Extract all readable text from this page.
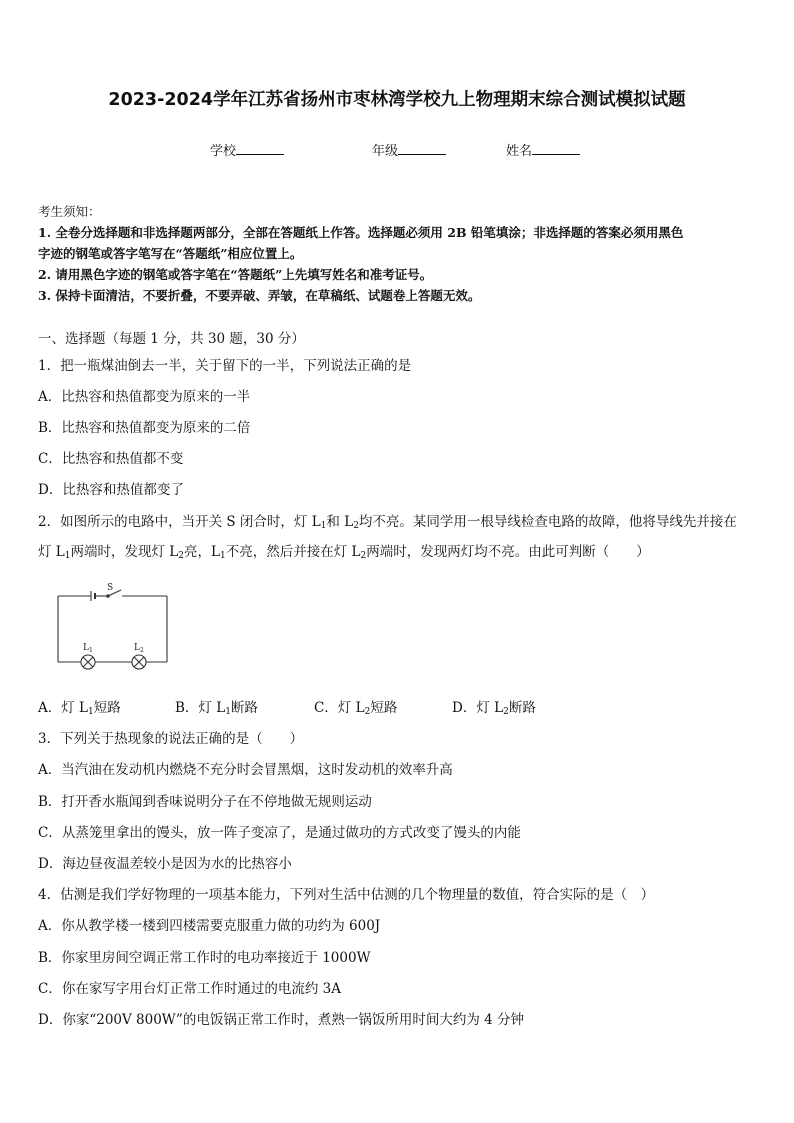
2023-2024学年江苏省扬州市枣林湾学校九上物理期末综合测试模拟试题
学校	年级	姓名
考生须知：
1. 全卷分选择题和非选择题两部分，全部在答题纸上作答。选择题必须用 2B 铅笔填涂；非选择题的答案必须用黑色
字迹的钢笔或答字笔写在“答题纸”相应位置上。
2. 请用黑色字迹的钢笔或答字笔在“答题纸”上先填写姓名和准考证号。
3. 保持卡面清洁，不要折叠，不要弄破、弄皱，在草稿纸、试题卷上答题无效。
一、选择题（每题 1 分，共 30 题，30 分）
1．把一瓶煤油倒去一半，关于留下的一半，下列说法正确的是
A．比热容和热值都变为原来的一半
B．比热容和热值都变为原来的二倍
C．比热容和热值都不变
D．比热容和热值都变了
2．如图所示的电路中，当开关 S 闭合时，灯 $L_1$和 $L_2$均不亮。某同学用一根导线检查电路的故障，他将导线先并接在
灯 $L_1$两端时，发现灯 $L_2$亮，$L_1$不亮，然后并接在灯 $L_2$两端时，发现两灯均不亮。由此可判断（　　）
S
$L_1$	$L_2$
A．灯 $L_1$短路	B．灯 $L_1$断路	C．灯 $L_2$短路	D．灯 $L_2$断路
3．下列关于热现象的说法正确的是（　　）
A．当汽油在发动机内燃烧不充分时会冒黑烟，这时发动机的效率升高
B．打开香水瓶闻到香味说明分子在不停地做无规则运动
C．从蒸笼里拿出的馒头，放一阵子变凉了，是通过做功的方式改变了馒头的内能
D．海边昼夜温差较小是因为水的比热容小
4．估测是我们学好物理的一项基本能力，下列对生活中估测的几个物理量的数值，符合实际的是（　）
A．你从教学楼一楼到四楼需要克服重力做的功约为 600J
B．你家里房间空调正常工作时的电功率接近于 1000W
C．你在家写字用台灯正常工作时通过的电流约 3A
D．你家“200V 800W”的电饭锅正常工作时，煮熟一锅饭所用时间大约为 4 分钟
